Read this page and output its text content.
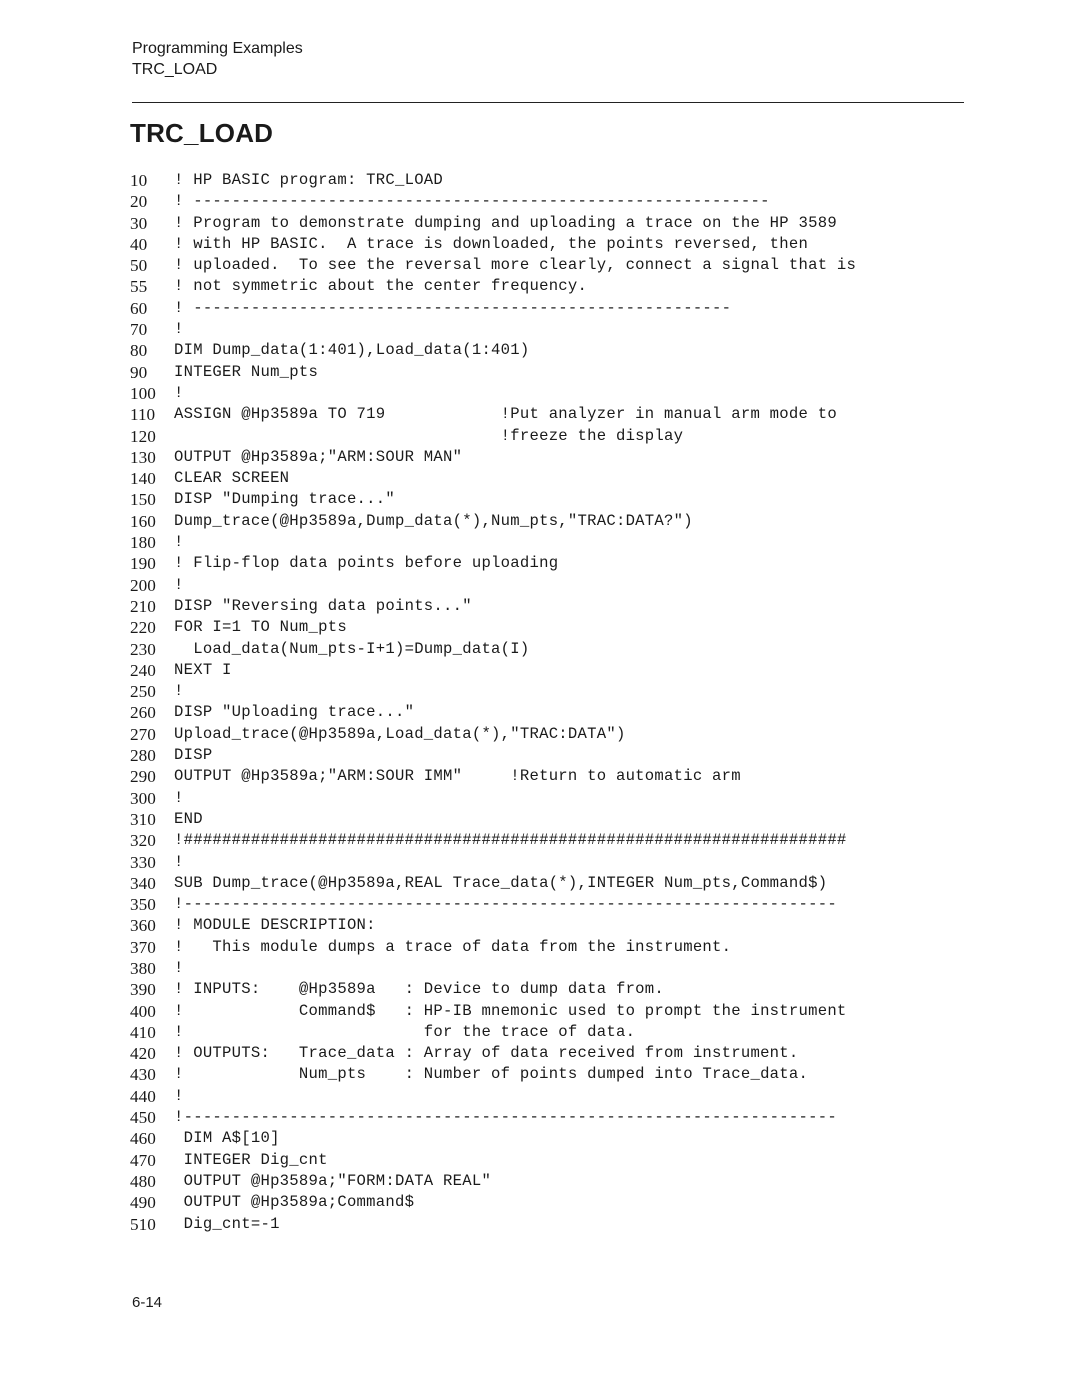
Programming Examples
TRC_LOAD
TRC_LOAD
10	! HP BASIC program: TRC_LOAD
20	! ------------------------------------------------------------
30	! Program to demonstrate dumping and uploading a trace on the HP 3589
40	! with HP BASIC.  A trace is downloaded, the points reversed, then
50	! uploaded.  To see the reversal more clearly, connect a signal that is
55	! not symmetric about the center frequency.
60	! --------------------------------------------------------
70	!
80	DIM Dump_data(1:401),Load_data(1:401)
90	INTEGER Num_pts
100	!
110	ASSIGN @Hp3589a TO 719            !Put analyzer in manual arm mode to
120	!freeze the display
130	OUTPUT @Hp3589a;"ARM:SOUR MAN"
140	CLEAR SCREEN
150	DISP "Dumping trace..."
160	Dump_trace(@Hp3589a,Dump_data(*),Num_pts,"TRAC:DATA?")
180	!
190	! Flip-flop data points before uploading
200	!
210	DISP "Reversing data points..."
220	FOR I=1 TO Num_pts
230	Load_data(Num_pts-I+1)=Dump_data(I)
240	NEXT I
250	!
260	DISP "Uploading trace..."
270	Upload_trace(@Hp3589a,Load_data(*),"TRAC:DATA")
280	DISP
290	OUTPUT @Hp3589a;"ARM:SOUR IMM"     !Return to automatic arm
300	!
310	END
320	!#####################################################################
330	!
340	SUB Dump_trace(@Hp3589a,REAL Trace_data(*),INTEGER Num_pts,Command$)
350	!--------------------------------------------------------------------
360	! MODULE DESCRIPTION:
370	!   This module dumps a trace of data from the instrument.
380	!
390	! INPUTS:    @Hp3589a   : Device to dump data from.
400	!            Command$   : HP-IB mnemonic used to prompt the instrument
410	!                         for the trace of data.
420	! OUTPUTS:   Trace_data : Array of data received from instrument.
430	!            Num_pts    : Number of points dumped into Trace_data.
440	!
450	!--------------------------------------------------------------------
460	DIM A$[10]
470	INTEGER Dig_cnt
480	OUTPUT @Hp3589a;"FORM:DATA REAL"
490	OUTPUT @Hp3589a;Command$
510	Dig_cnt=-1
6-14
